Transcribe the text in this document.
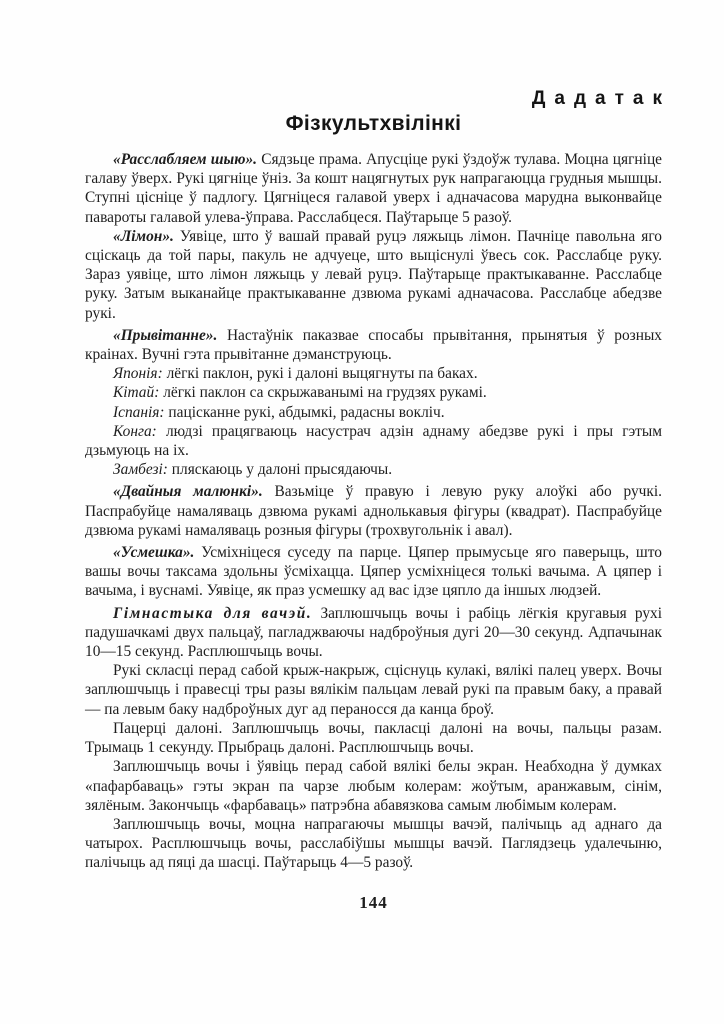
Дадатак
Фізкультхвілінкі

«Расслабляем шыю». Сядзьце прама. Апусціце рукі ўздоўж тулава. Моцна цягніце галаву ўверх. Рукі цягніце ўніз. За кошт нацягнутых рук напрагаюцца грудныя мышцы. Ступні цісніце ў падлогу. Цягніцеся галавой уверх і адначасова марудна выконвайце павароты галавой улева-ўправа. Расслабцеся. Паўтарыце 5 разоў.

«Лімон». Уявіце, што ў вашай правай руцэ ляжыць лімон. Пачніце павольна яго сціскаць да той пары, пакуль не адчуеце, што выціснулі ўвесь сок. Расслабце руку. Зараз уявіце, што лімон ляжыць у левай руцэ. Паўтарыце практыкаванне. Расслабце руку. Затым выканайце практыкаванне дзвюма рукамі адначасова. Расслабце абедзве рукі.

«Прывітанне». Настаўнік паказвае спосабы прывітання, прынятыя ў розных краінах. Вучні гэта прывітанне дэманструюць.

Японія: лёгкі паклон, рукі і далоні выцягнуты па баках.

Кітай: лёгкі паклон са скрыжаванымі на грудзях рукамі.

Іспанія: пацісканне рукі, абдымкі, радасны вокліч.

Конга: людзі працягваюць насустрач адзін аднаму абедзве рукі і пры гэтым дзьмуюць на іх.

Замбезі: пляскаюць у далоні прысядаючы.

«Двайныя малюнкі». Вазьміце ў правую і левую руку алоўкі або ручкі. Паспрабуйце намаляваць дзвюма рукамі аднолькавыя фігуры (квадрат). Паспрабуйце дзвюма рукамі намаляваць розныя фігуры (трохвугольнік і авал).

«Усмешка». Усміхніцеся суседу па парце. Цяпер прымусьце яго паверыць, што вашы вочы таксама здольны ўсміхацца. Цяпер усміхніцеся толькі вачыма. А цяпер і вачыма, і вуснамі. Уявіце, як праз усмешку ад вас ідзе цяпло да іншых людзей.

Гімнастыка для вачэй. Заплюшчыць вочы і рабіць лёгкія кругавыя рухі падушачкамі двух пальцаў, пагладжваючы надброўныя дугі 20—30 секунд. Адпачынак 10—15 секунд. Расплюшчыць вочы.

Рукі скласці перад сабой крыж-накрыж, сціснуць кулакі, вялікі палец уверх. Вочы заплюшчыць і правесці тры разы вялікім пальцам левай рукі па правым баку, а правай — па левым баку надброўных дуг ад пераносся да канца броў.

Пацерці далоні. Заплюшчыць вочы, пакласці далоні на вочы, пальцы разам. Трымаць 1 секунду. Прыбраць далоні. Расплюшчыць вочы.

Заплюшчыць вочы і ўявіць перад сабой вялікі белы экран. Неабходна ў думках «пафарбаваць» гэты экран па чарзе любым колерам: жоўтым, аранжавым, сінім, зялёным. Закончыць «фарбаваць» патрэбна абавязкова самым любімым колерам.

Заплюшчыць вочы, моцна напрагаючы мышцы вачэй, палічыць ад аднаго да чатырох. Расплюшчыць вочы, расслабіўшы мышцы вачэй. Паглядзець удалечыню, палічыць ад пяці да шасці. Паўтарыць 4—5 разоў.

144
